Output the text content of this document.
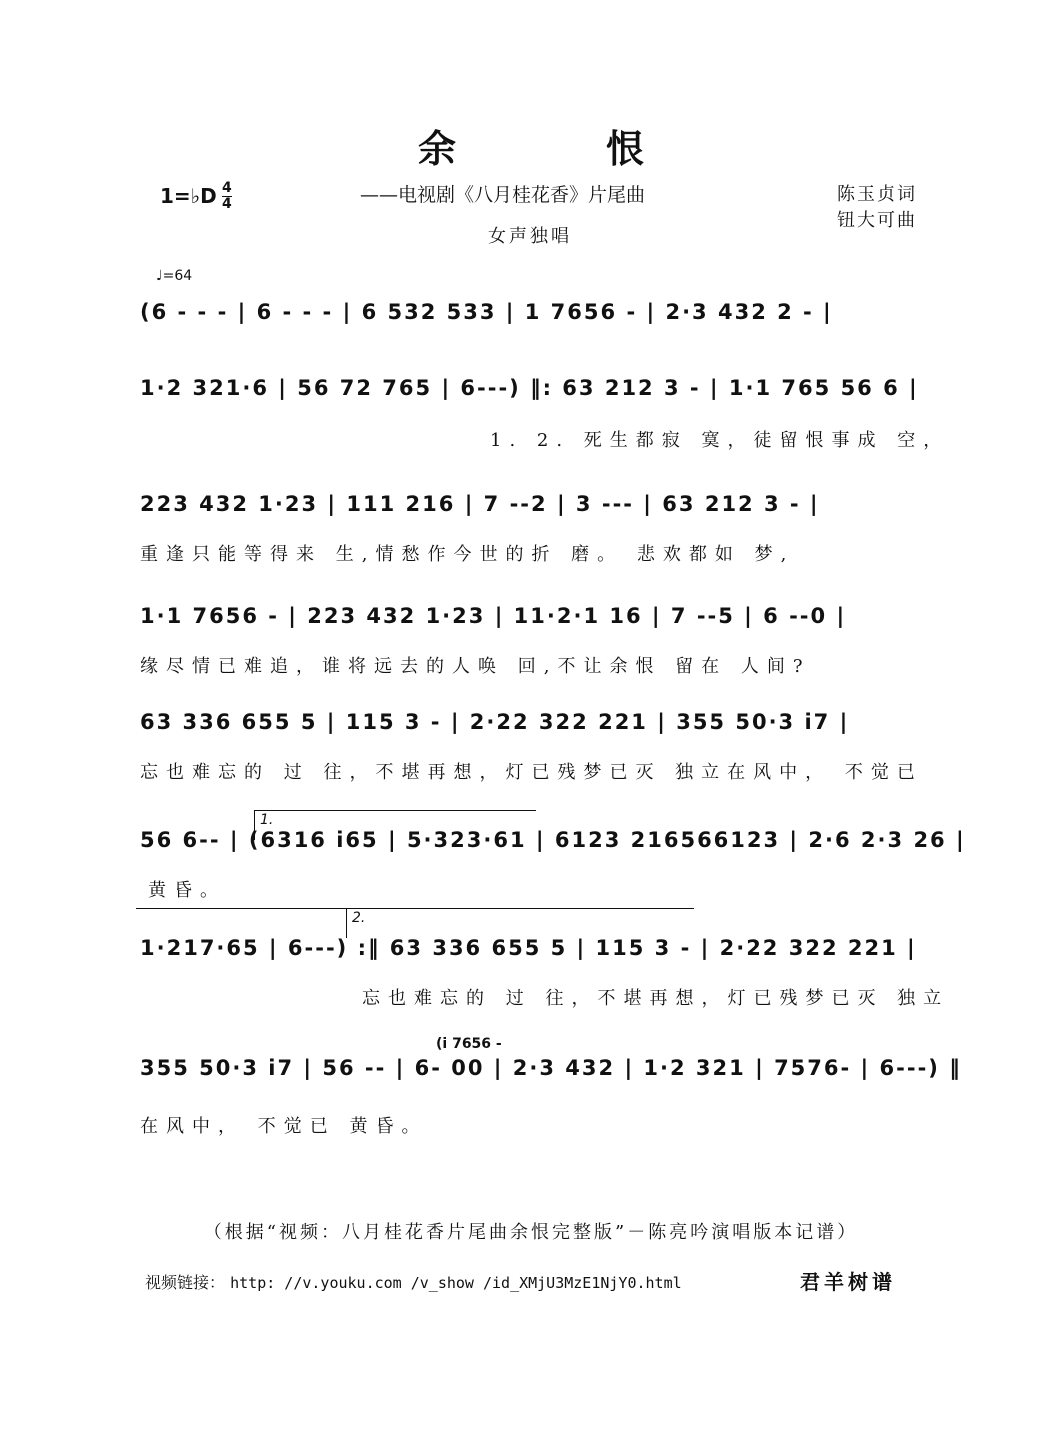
余恨
1=♭D 4
4	——电视剧《八月桂花香》片尾曲	陈玉贞词
钮大可曲
女声独唱
♩=64
(6 - - - | 6 - - - | 6 532 533 | 1 7656 - | 2·3 432 2 - |
1·2 321·6 | 56 72 765 | 6---) ‖: 63 212 3 - | 1·1 765 56 6 |
1. 2. 死生都寂 寞，徒留恨事成 空，
223 432 1·23 | 111 216 | 7 --2 | 3 --- | 63 212 3 - |
重逢只能等得来 生,情愁作今世的折 磨。 悲欢都如 梦,
1·1 7656 - | 223 432 1·23 | 11·2·1 16 | 7 --5 | 6 --0 |
缘尽情已难追，谁将远去的人唤 回,不让余恨 留在 人间?
63 336 655 5 | 115 3 - | 2·22 322 221 | 355 50·3 i7 |
忘也难忘的 过 往，不堪再想，灯已残梦已灭 独立在风中， 不觉已
1.
56 6-- | (6316 i65 | 5·323·61 | 6123 216566123 | 2·6 2·3 26 |
黄昏。
2.
1·217·65 | 6---) :‖ 63 336 655 5 | 115 3 - | 2·22 322 221 |
忘也难忘的 过 往，不堪再想，灯已残梦已灭 独立
(i 7656 -
355 50·3 i7 | 56 -- | 6- 00 | 2·3 432 | 1·2 321 | 7576- | 6---) ‖
在风中， 不觉已 黄昏。
（根据“视频：八月桂花香片尾曲余恨完整版”－陈亮吟演唱版本记谱）
视频链接： http: //v.youku.com /v_show /id_XMjU3MzE1NjY0.html	君羊树谱
